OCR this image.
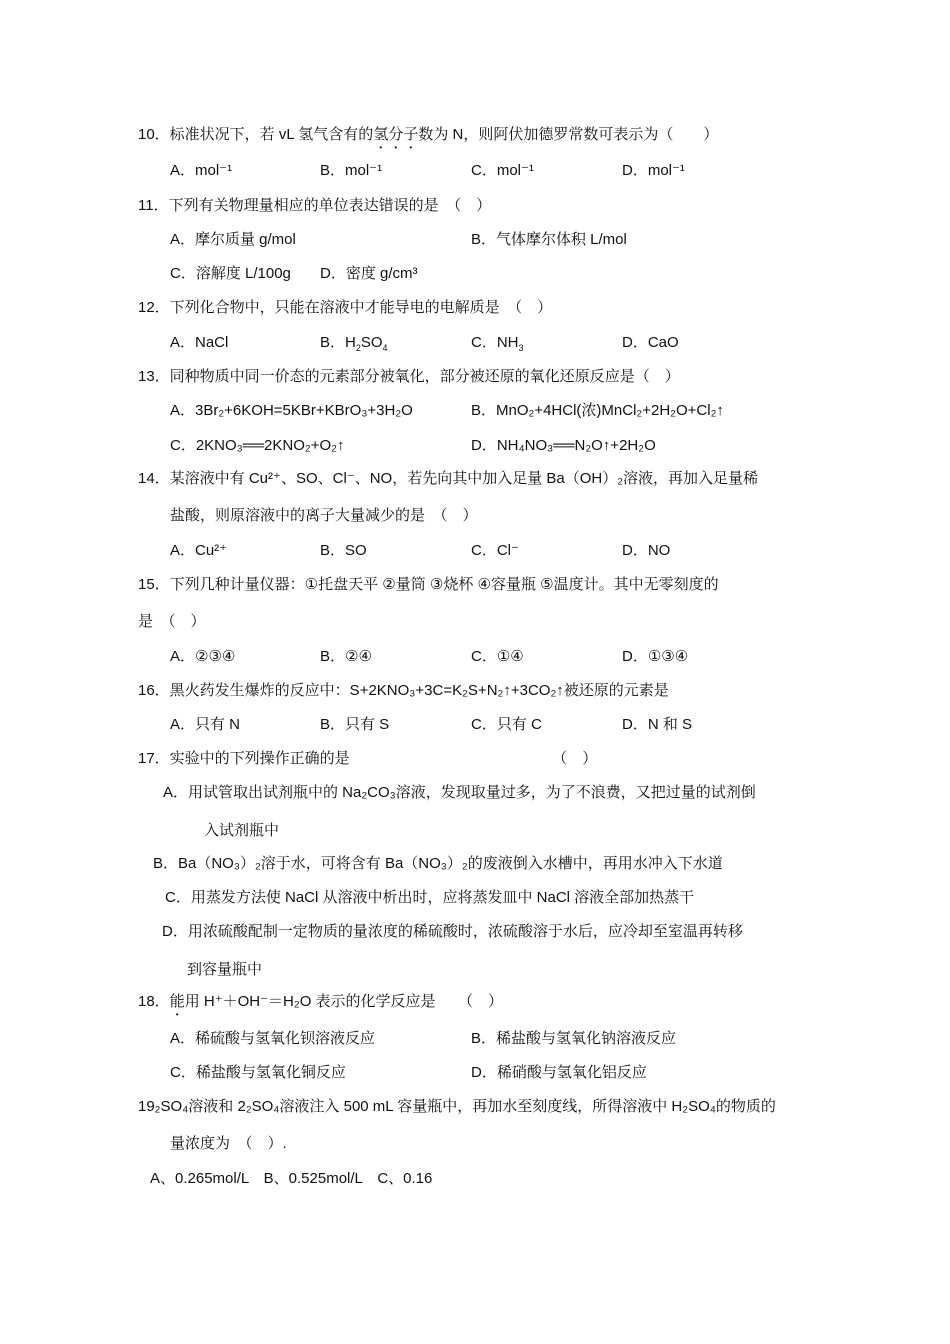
10．标准状况下，若 vL 氢气含有的氢分子数为 N，则阿伏加德罗常数可表示为（　　）
A．mol⁻¹	B．mol⁻¹	C．mol⁻¹	D．mol⁻¹
11．下列有关物理量相应的单位表达错误的是　（　）
A．摩尔质量 g/mol	B．气体摩尔体积 L/mol
C．溶解度 L/100g D．密度 g/cm³
12．下列化合物中，只能在溶液中才能导电的电解质是　（　）
A．NaCl	B．$H_2SO_4$	C．$NH_3$	D．CaO
13．同种物质中同一价态的元素部分被氧化，部分被还原的氧化还原反应是（　）
A．3Br₂+6KOH=5KBr+KBrO₃+3H₂O	B．MnO₂+4HCl(浓)MnCl₂+2H₂O+Cl₂↑
C．2KNO₃══2KNO₂+O₂↑	D．NH₄NO₃══N₂O↑+2H₂O
14．某溶液中有 Cu²⁺、SO、Cl⁻、NO，若先向其中加入足量 Ba（OH）₂溶液，再加入足量稀
盐酸，则原溶液中的离子大量减少的是　（　）
A．Cu²⁺	B．SO	C．Cl⁻	D．NO
15．下列几种计量仪器：①托盘天平 ②量筒 ③烧杯 ④容量瓶 ⑤温度计。其中无零刻度的
是　（　）
A．②③④	B．②④	C．①④	D．①③④
16．黑火药发生爆炸的反应中：S+2KNO₃+3C=K₂S+N₂↑+3CO₂↑被还原的元素是
A．只有 N	B．只有 S	C．只有 C	D．N 和 S
17．实验中的下列操作正确的是　　　　　　　　　　　　　　（　）
A．用试管取出试剂瓶中的 Na₂CO₃溶液，发现取量过多，为了不浪费，又把过量的试剂倒
入试剂瓶中
B．Ba（NO₃）₂溶于水，可将含有 Ba（NO₃）₂的废液倒入水槽中，再用水冲入下水道
C．用蒸发方法使 NaCl 从溶液中析出时，应将蒸发皿中 NaCl 溶液全部加热蒸干
D．用浓硫酸配制一定物质的量浓度的稀硫酸时，浓硫酸溶于水后，应冷却至室温再转移
到容量瓶中
18．能用 H⁺＋OH⁻＝H₂O 表示的化学反应是　　（　）
A．稀硫酸与氢氧化钡溶液反应	B．稀盐酸与氢氧化钠溶液反应
C．稀盐酸与氢氧化铜反应	D．稀硝酸与氢氧化铝反应
19₂SO₄溶液和 2₂SO₄溶液注入 500 mL 容量瓶中，再加水至刻度线，所得溶液中 H₂SO₄的物质的
量浓度为　（　）.
A、0.265mol/L　B、0.525mol/L　C、0.16
